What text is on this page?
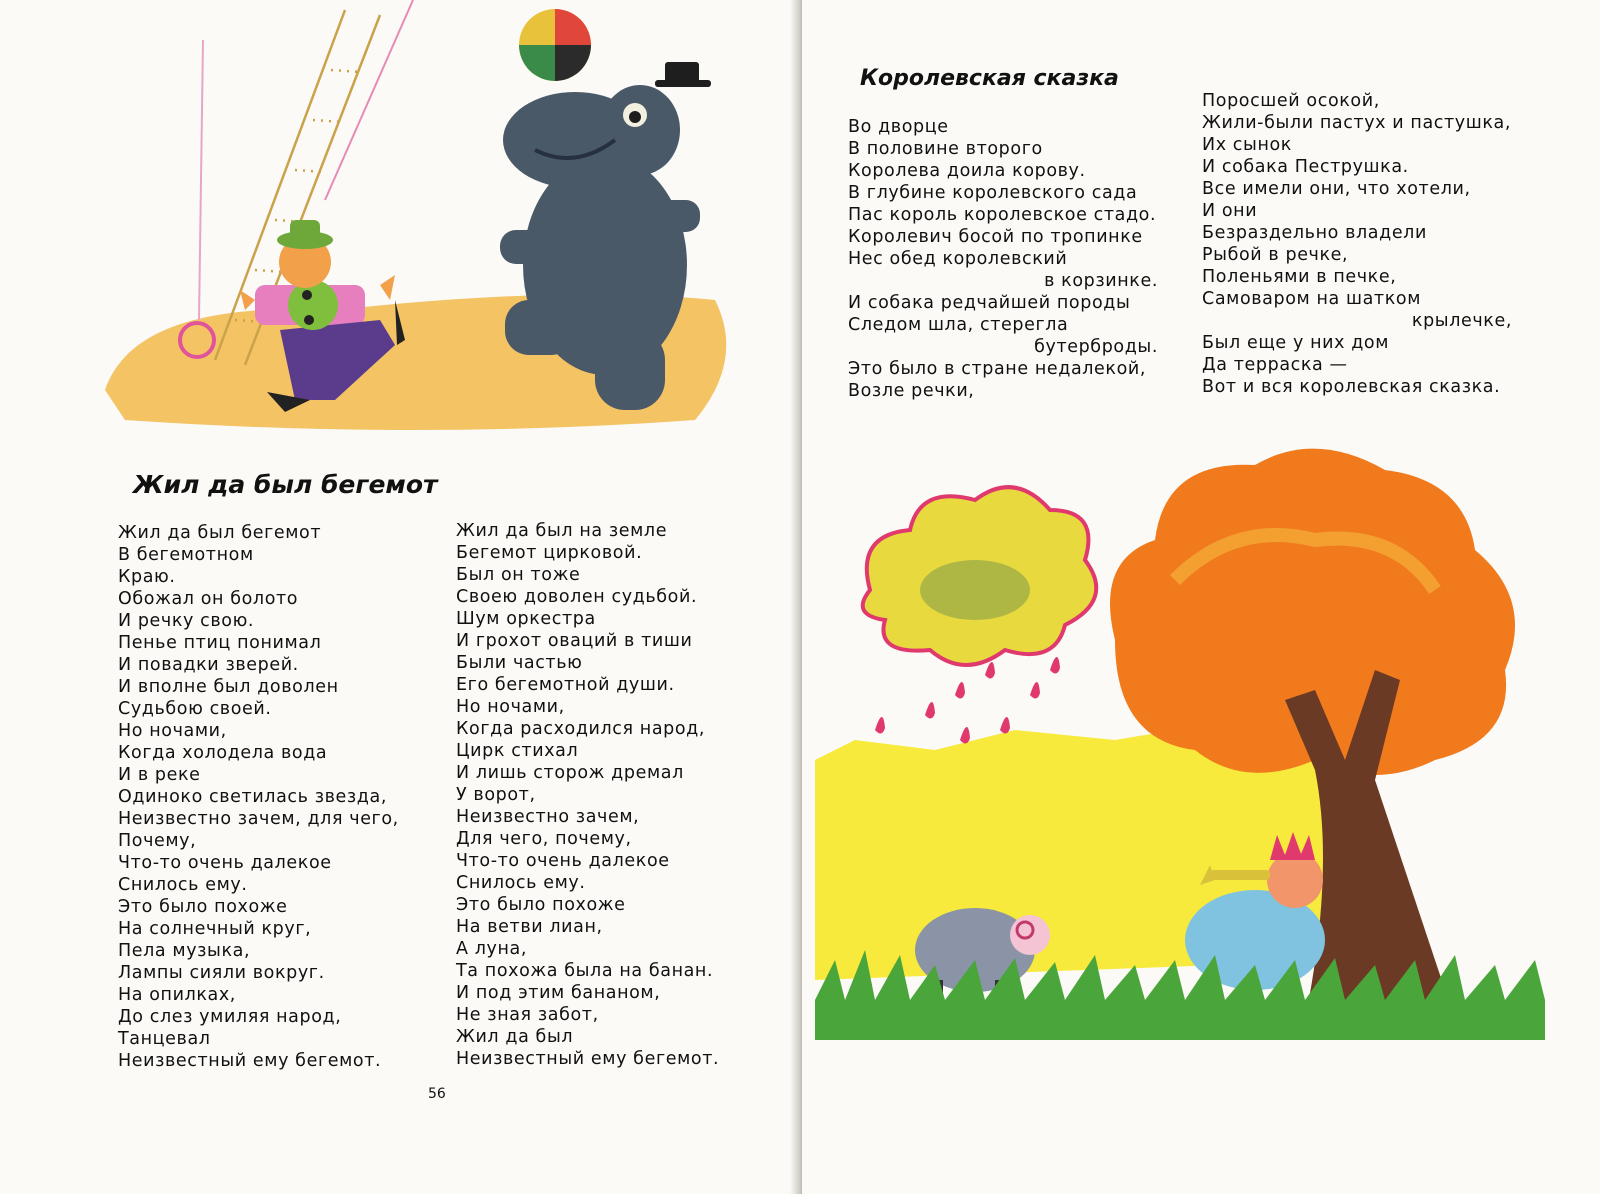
Жил да был бегемот
Жил да был бегемот
В бегемотном
Краю.
Обожал он болото
И речку свою.
Пенье птиц понимал
И повадки зверей.
И вполне был доволен
Судьбою своей.
Но ночами,
Когда холодела вода
И в реке
Одиноко светилась звезда,
Неизвестно зачем, для чего,
Почему,
Что-то очень далекое
Снилось ему.
Это было похоже
На солнечный круг,
Пела музыка,
Лампы сияли вокруг.
На опилках,
До слез умиляя народ,
Танцевал
Неизвестный ему бегемот.
Жил да был на земле
Бегемот цирковой.
Был он тоже
Своею доволен судьбой.
Шум оркестра
И грохот оваций в тиши
Были частью
Его бегемотной души.
Но ночами,
Когда расходился народ,
Цирк стихал
И лишь сторож дремал
У ворот,
Неизвестно зачем,
Для чего, почему,
Что-то очень далекое
Снилось ему.
Это было похоже
На ветви лиан,
А луна,
Та похожа была на банан.
И под этим бананом,
Не зная забот,
Жил да был
Неизвестный ему бегемот.
56
Королевская сказка
Во дворце
В половине второго
Королева доила корову.
В глубине королевского сада
Пас король королевское стадо.
Королевич босой по тропинке
Нес обед королевский
в корзинке.
И собака редчайшей породы
Следом шла, стерегла
бутерброды.
Это было в стране недалекой,
Возле речки,
Поросшей осокой,
Жили-были пастух и пастушка,
Их сынок
И собака Пеструшка.
Все имели они, что хотели,
И они
Безраздельно владели
Рыбой в речке,
Поленьями в печке,
Самоваром на шатком
крылечке,
Был еще у них дом
Да терраска —
Вот и вся королевская сказка.
